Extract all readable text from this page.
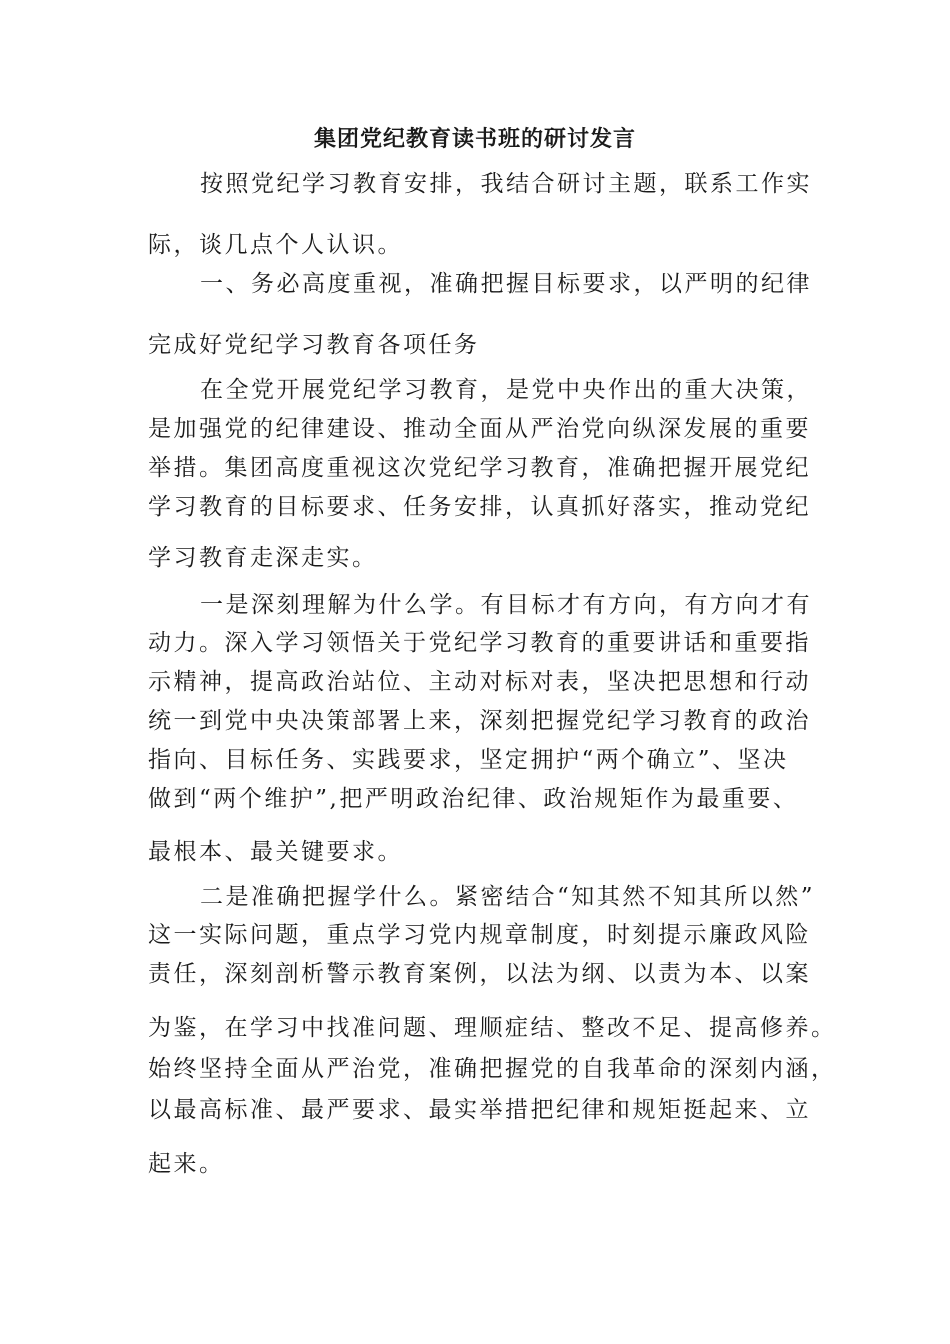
集团党纪教育读书班的研讨发言

按照党纪学习教育安排，我结合研讨主题，联系工作实

际，谈几点个人认识。

一、务必高度重视，准确把握目标要求，以严明的纪律

完成好党纪学习教育各项任务

在全党开展党纪学习教育，是党中央作出的重大决策，

是加强党的纪律建设、推动全面从严治党向纵深发展的重要

举措。集团高度重视这次党纪学习教育，准确把握开展党纪

学习教育的目标要求、任务安排，认真抓好落实，推动党纪

学习教育走深走实。

一是深刻理解为什么学。有目标才有方向，有方向才有

动力。深入学习领悟关于党纪学习教育的重要讲话和重要指

示精神，提高政治站位、主动对标对表，坚决把思想和行动

统一到党中央决策部署上来，深刻把握党纪学习教育的政治

指向、目标任务、实践要求，坚定拥护“两个确立”、坚决

做到“两个维护”,把严明政治纪律、政治规矩作为最重要、

最根本、最关键要求。

二是准确把握学什么。紧密结合“知其然不知其所以然”

这一实际问题，重点学习党内规章制度，时刻提示廉政风险

责任，深刻剖析警示教育案例，以法为纲、以责为本、以案

为鉴，在学习中找准问题、理顺症结、整改不足、提高修养。

始终坚持全面从严治党，准确把握党的自我革命的深刻内涵，

以最高标准、最严要求、最实举措把纪律和规矩挺起来、立

起来。
